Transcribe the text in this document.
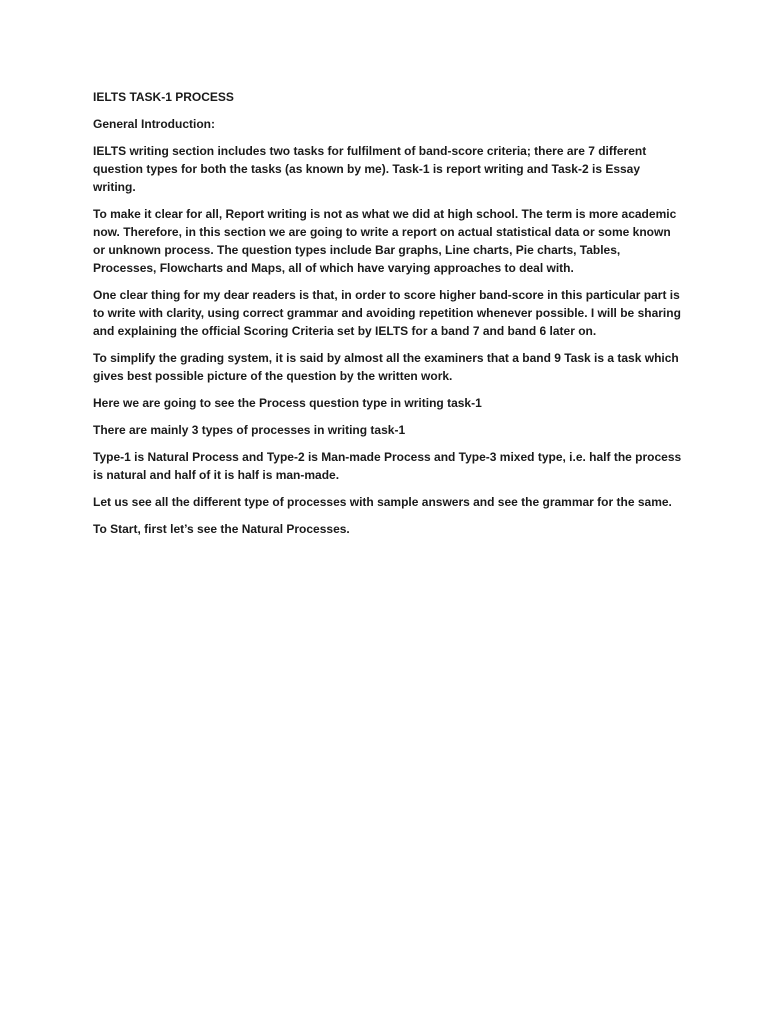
IELTS TASK-1 PROCESS

General Introduction:

IELTS writing section includes two tasks for fulfilment of band-score criteria; there are 7 different question types for both the tasks (as known by me). Task-1 is report writing and Task-2 is Essay writing.

To make it clear for all, Report writing is not as what we did at high school. The term is more academic now. Therefore, in this section we are going to write a report on actual statistical data or some known or unknown process. The question types include Bar graphs, Line charts, Pie charts, Tables, Processes, Flowcharts and Maps, all of which have varying approaches to deal with.

One clear thing for my dear readers is that, in order to score higher band-score in this particular part is to write with clarity, using correct grammar and avoiding repetition whenever possible. I will be sharing and explaining the official Scoring Criteria set by IELTS for a band 7 and band 6 later on.

To simplify the grading system, it is said by almost all the examiners that a band 9 Task is a task which gives best possible picture of the question by the written work.

Here we are going to see the Process question type in writing task-1

There are mainly 3 types of processes in writing task-1

Type-1 is Natural Process and Type-2 is Man-made Process and Type-3 mixed type, i.e. half the process is natural and half of it is half is man-made.

Let us see all the different type of processes with sample answers and see the grammar for the same.

To Start, first let’s see the Natural Processes.
